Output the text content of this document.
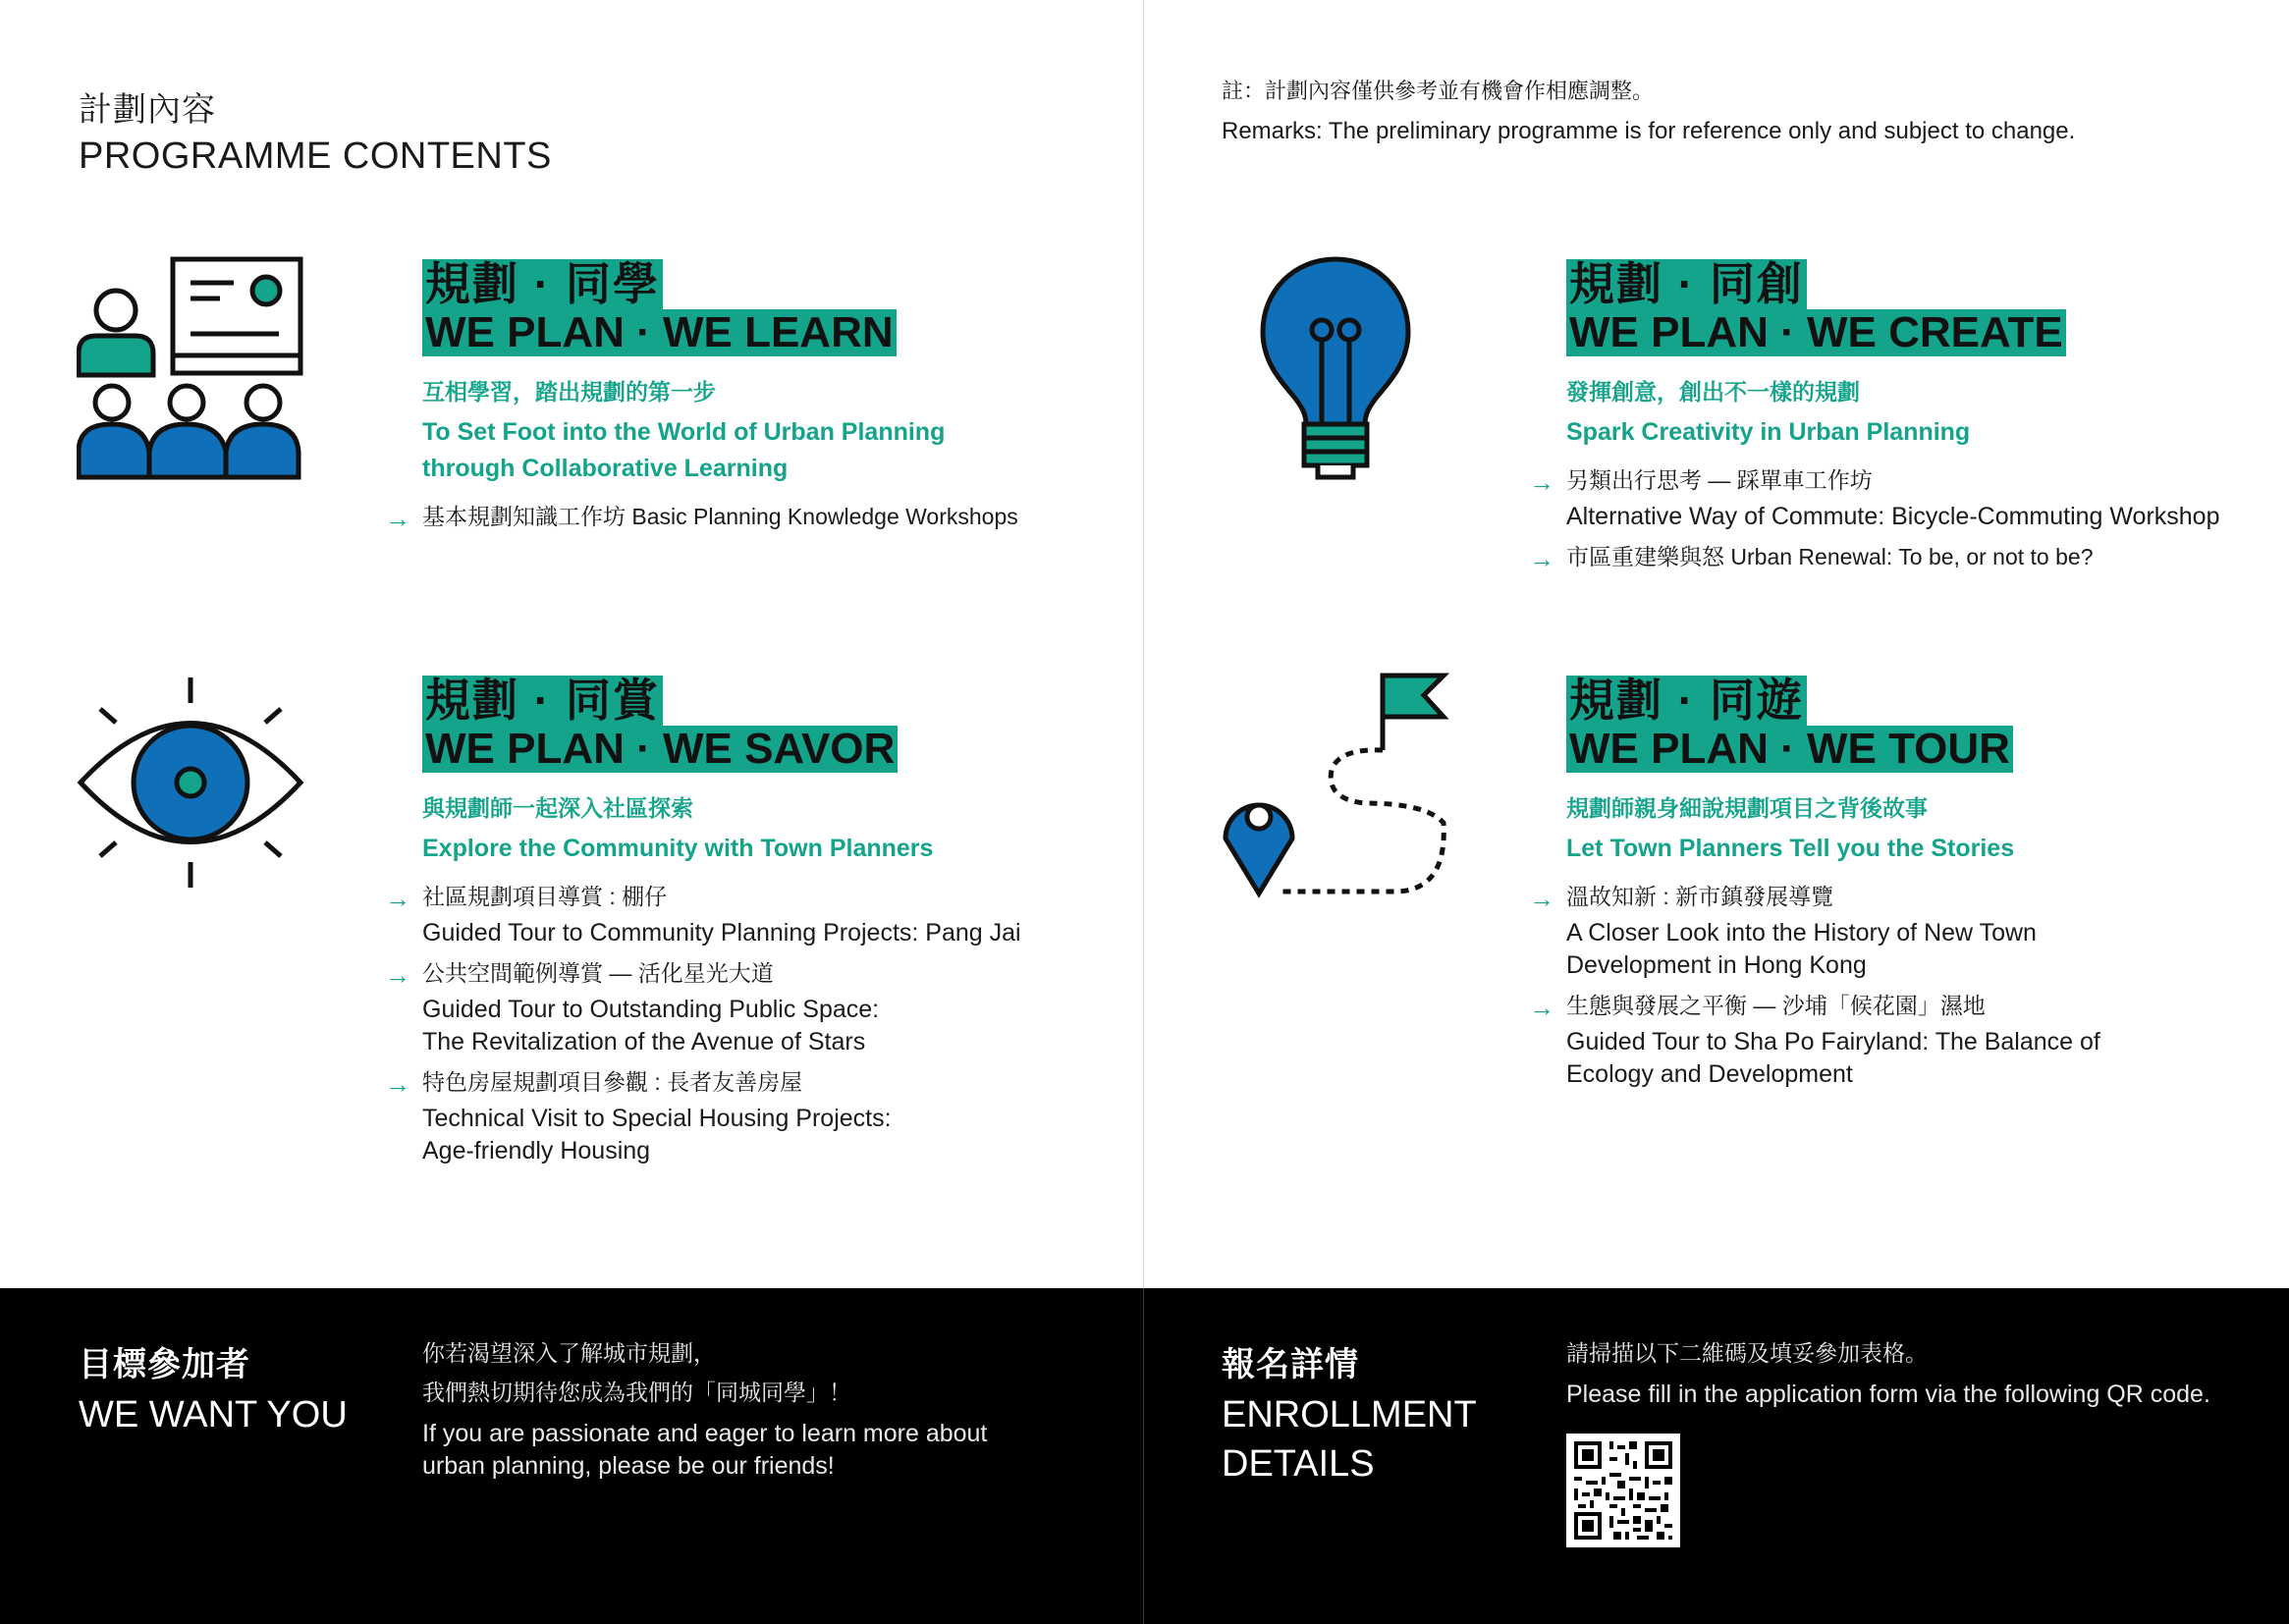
計劃內容
PROGRAMME CONTENTS
註：計劃內容僅供參考並有機會作相應調整。
Remarks: The preliminary programme is for reference only and subject to change.
規劃 · 同學
WE PLAN · WE LEARN
互相學習，踏出規劃的第一步
To Set Foot into the World of Urban Planning
through Collaborative Learning
→ 基本規劃知識工作坊 Basic Planning Knowledge Workshops
規劃 · 同創
WE PLAN · WE CREATE
發揮創意，創出不一樣的規劃
Spark Creativity in Urban Planning
→ 另類出行思考 — 踩單車工作坊
Alternative Way of Commute: Bicycle-Commuting Workshop
→ 市區重建樂與怒 Urban Renewal: To be, or not to be?
規劃 · 同賞
WE PLAN · WE SAVOR
與規劃師一起深入社區探索
Explore the Community with Town Planners
→ 社區規劃項目導賞 : 棚仔
Guided Tour to Community Planning Projects: Pang Jai
→ 公共空間範例導賞 — 活化星光大道
Guided Tour to Outstanding Public Space:
The Revitalization of the Avenue of Stars
→ 特色房屋規劃項目參觀 : 長者友善房屋
Technical Visit to Special Housing Projects:
Age-friendly Housing
規劃 · 同遊
WE PLAN · WE TOUR
規劃師親身細說規劃項目之背後故事
Let Town Planners Tell you the Stories
→ 溫故知新 : 新市鎮發展導覽
A Closer Look into the History of New Town
Development in Hong Kong
→ 生態與發展之平衡 — 沙埔「候花園」濕地
Guided Tour to Sha Po Fairyland: The Balance of
Ecology and Development
目標參加者
WE WANT YOU
你若渴望深入了解城市規劃，
我們熱切期待您成為我們的「同城同學」！
If you are passionate and eager to learn more about
urban planning, please be our friends!
報名詳情
ENROLLMENT
DETAILS
請掃描以下二維碼及填妥參加表格。
Please fill in the application form via the following QR code.
